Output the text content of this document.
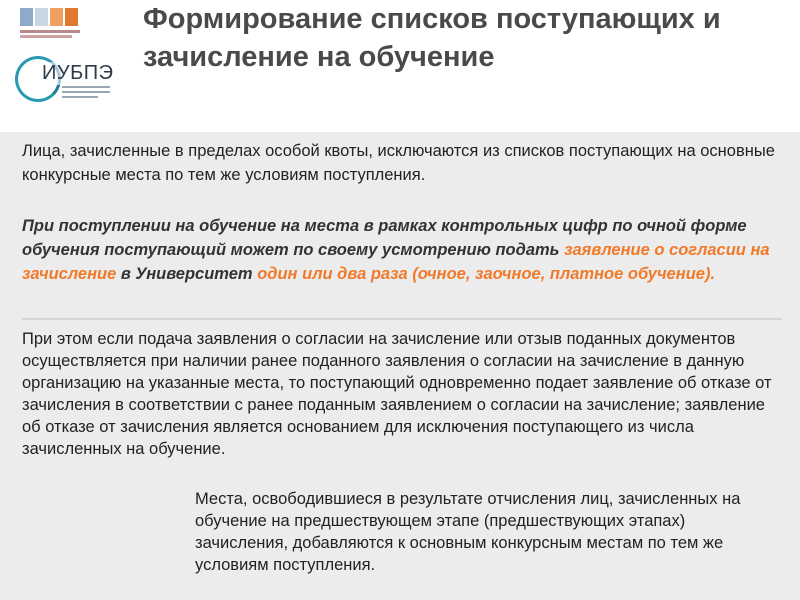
ИУБПЭ
Формирование списков поступающих и зачисление на обучение

Лица, зачисленные в пределах особой квоты, исключаются из списков поступающих на основные конкурсные места по тем же условиям поступления.

При поступлении на обучение на места в рамках контрольных цифр по очной форме обучения поступающий может по своему усмотрению подать заявление о согласии на зачисление в Университет один или два раза (очное, заочное, платное обучение).

При этом если подача заявления о согласии на зачисление или отзыв поданных документов осуществляется при наличии ранее поданного заявления о согласии на зачисление в данную организацию на указанные места, то поступающий одновременно подает заявление об отказе от зачисления в соответствии с ранее поданным заявлением о согласии на зачисление; заявление об отказе от зачисления является основанием для исключения поступающего из числа зачисленных на обучение.

Места, освободившиеся в результате отчисления лиц, зачисленных на обучение на предшествующем этапе (предшествующих этапах) зачисления, добавляются к основным конкурсным местам по тем же условиям поступления.
